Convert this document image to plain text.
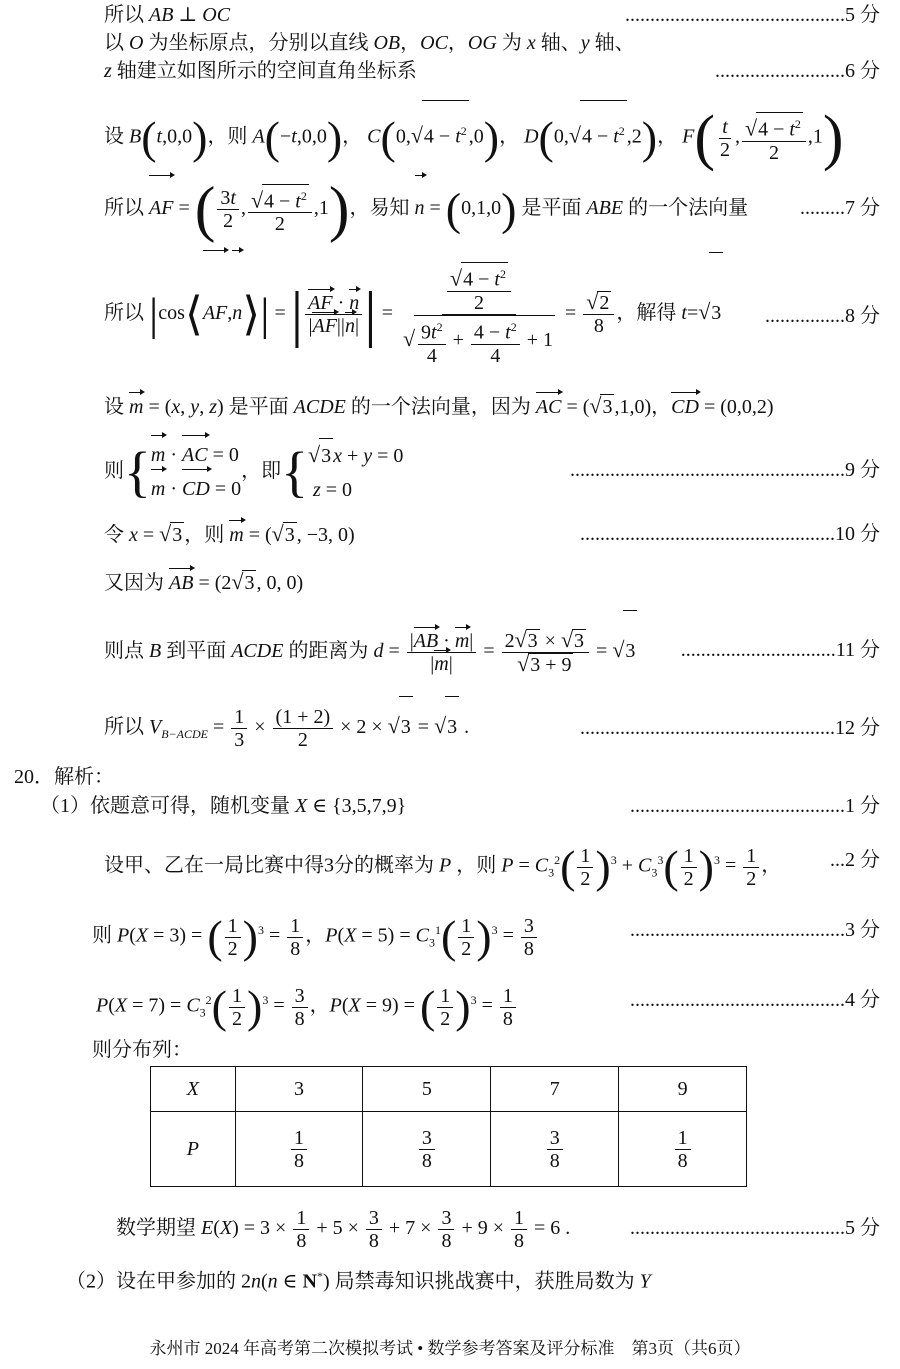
所以 AB ⊥ OC	............................................5 分
以 O 为坐标原点，分别以直线 OB，OC，OG 为 x 轴、y 轴、
z 轴建立如图所示的空间直角坐标系	..........................6 分
设 B(t,0,0)，则 A(−t,0,0)， $C(0,√4 - t^2$ ,0)， $D(0,√4 - t^2$ ,2)， $F( \frac{t}{2}$ , $\frac{√4 - t^2}{2} ,1$)
所以 AF = ( $\frac{3t}{2}$ , $\frac{√4 - t^2}{2} ,1$)，易知 n = (0,1,0) 是平面 ABE 的一个法向量	.........7 分
所以 |cos⟨AF,n⟩| = | $\frac{AF \cdot n}{|AF||n|}$ | = $\frac{\frac{√4 - t^2}{2}}{√ \frac{9t^2}{4} + \frac{4 - t^2}{4} + 1} = \frac{√2}{8}$ ，解得 t=√3 ................8 分
设 m = (x, y, z) 是平面 ACDE 的一个法向量，因为 AC = (√3 ,1,0)，CD = (0,0,2)
则{ m · AC = 0
m · CD = 0
，即{ √3 x + y = 0
z = 0
.......................................................9 分
令 x = √3 ，则 m = (√3 , −3, 0)	...................................................10 分
又因为 AB = (2√3 , 0, 0)
则点 B 到平面 ACDE 的距离为 $d = \frac{|AB \cdot m|}{|m|} = \frac{2√3 \times √3}{√3 + 9} = √3$ ...............................11 分
所以 $V_{B-ACDE} = \frac{1}{3} \times \frac{(1 + 2)}{2} \times 2 \times √3 = √3$ .	...................................................12 分
20．解析：
（1）依题意可得，随机变量 X ∈ {3,5,7,9}	...........................................1 分
设甲、乙在一局比赛中得3分的概率为 P ，则 $P = C_3^2( \frac{1}{2} )^3 + C_3^3( \frac{1}{2} )^3 = \frac{1}{2}$ ， ...2 分
则 P(X = 3) = ( $\frac{1}{2} )^3 = \frac{1}{8}$ ，$P(X = 5) = C_3^1( \frac{1}{2} )^3 = \frac{3}{8}$	...........................................3 分
$P(X = 7) = C_3^2( \frac{1}{2} )^3 = \frac{3}{8}$ ，P(X = 9) = ( $\frac{1}{2} )^3 = \frac{1}{8}$	...........................................4 分
则分布列：
X	3	5	7	9
P	$\frac{1}{8}$	$\frac{3}{8}$	$\frac{3}{8}$	$\frac{1}{8}$
数学期望 $E(X) = 3 \times \frac{1}{8} + 5 \times \frac{3}{8} + 7 \times \frac{3}{8} + 9 \times \frac{1}{8} = 6$ .	...........................................5 分
（2）设在甲参加的 2n(n ∈ N*) 局禁毒知识挑战赛中，获胜局数为 Y
永州市 2024 年高考第二次模拟考试 • 数学参考答案及评分标准　第3页（共6页）
